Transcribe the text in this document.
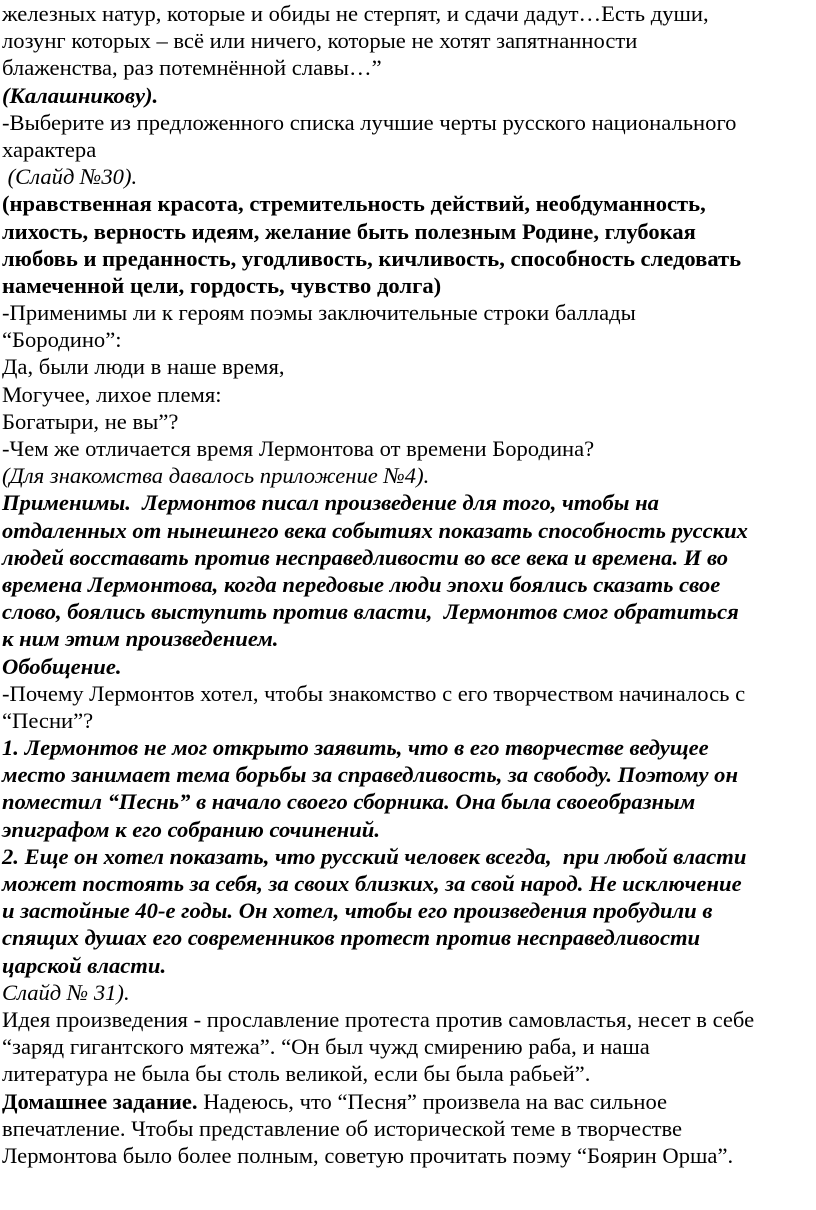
железных натур, которые и обиды не стерпят, и сдачи дадут…Есть души,
лозунг которых – всё или ничего, которые не хотят запятнанности
блаженства, раз потемнённой славы…”
(Калашникову).
-Выберите из предложенного списка лучшие черты русского национального
характера
(Слайд №30).
(нравственная красота, стремительность действий, необдуманность,
лихость, верность идеям, желание быть полезным Родине, глубокая
любовь и преданность, угодливость, кичливость, способность следовать
намеченной цели, гордость, чувство долга)
-Применимы ли к героям поэмы заключительные строки баллады
“Бородино”:
Да, были люди в наше время,
Могучее, лихое племя:
Богатыри, не вы”?
-Чем же отличается время Лермонтова от времени Бородина?
(Для знакомства давалось приложение №4).
Применимы.  Лермонтов писал произведение для того, чтобы на
отдаленных от нынешнего века событиях показать способность русских
людей восставать против несправедливости во все века и времена. И во
времена Лермонтова, когда передовые люди эпохи боялись сказать свое
слово, боялись выступить против власти,  Лермонтов смог обратиться
к ним этим произведением.
Обобщение.
-Почему Лермонтов хотел, чтобы знакомство с его творчеством начиналось с
“Песни”?
1. Лермонтов не мог открыто заявить, что в его творчестве ведущее
место занимает тема борьбы за справедливость, за свободу. Поэтому он
поместил “Песнь” в начало своего сборника. Она была своеобразным
эпиграфом к его собранию сочинений.
2. Еще он хотел показать, что русский человек всегда,  при любой власти
может постоять за себя, за своих близких, за свой народ. Не исключение
и застойные 40-е годы. Он хотел, чтобы его произведения пробудили в
спящих душах его современников протест против несправедливости
царской власти.
Слайд № 31).
Идея произведения - прославление протеста против самовластья, несет в себе
“заряд гигантского мятежа”. “Он был чужд смирению раба, и наша
литература не была бы столь великой, если бы была рабьей”.
Домашнее задание. Надеюсь, что “Песня” произвела на вас сильное
впечатление. Чтобы представление об исторической теме в творчестве
Лермонтова было более полным, советую прочитать поэму “Боярин Орша”.
